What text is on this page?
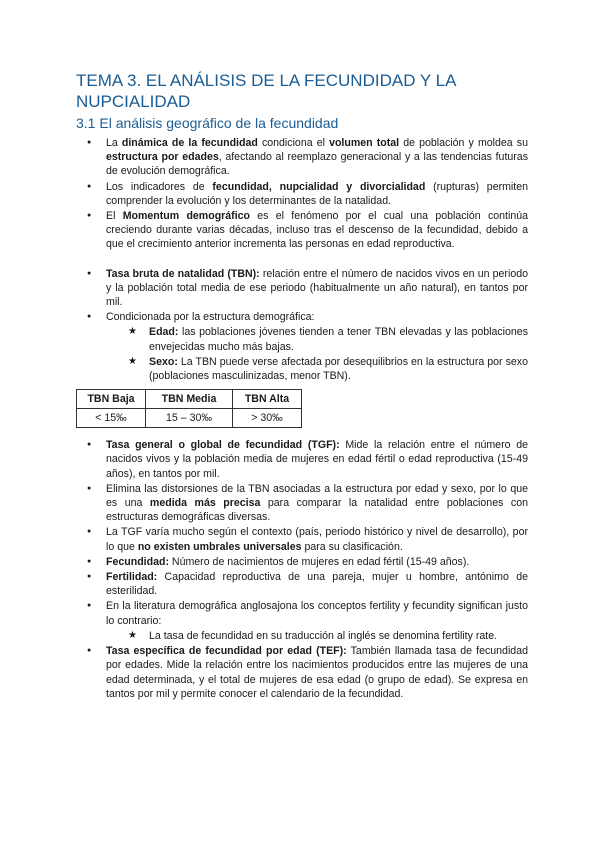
TEMA 3. EL ANÁLISIS DE LA FECUNDIDAD Y LA NUPCIALIDAD
3.1 El análisis geográfico de la fecundidad
● La dinámica de la fecundidad condiciona el volumen total de población y moldea su estructura por edades, afectando al reemplazo generacional y a las tendencias futuras de evolución demográfica.
● Los indicadores de fecundidad, nupcialidad y divorcialidad (rupturas) permiten comprender la evolución y los determinantes de la natalidad.
● El Momentum demográfico es el fenómeno por el cual una población continúa creciendo durante varias décadas, incluso tras el descenso de la fecundidad, debido a que el crecimiento anterior incrementa las personas en edad reproductiva.
● Tasa bruta de natalidad (TBN): relación entre el número de nacidos vivos en un periodo y la población total media de ese periodo (habitualmente un año natural), en tantos por mil.
● Condicionada por la estructura demográfica:
★ Edad: las poblaciones jóvenes tienden a tener TBN elevadas y las poblaciones envejecidas mucho más bajas.
★ Sexo: La TBN puede verse afectada por desequilibrios en la estructura por sexo (poblaciones masculinizadas, menor TBN).
TBN Baja	TBN Media	TBN Alta
< 15‰	15 – 30‰	> 30‰
● Tasa general o global de fecundidad (TGF): Mide la relación entre el número de nacidos vivos y la población media de mujeres en edad fértil o edad reproductiva (15-49 años), en tantos por mil.
● Elimina las distorsiones de la TBN asociadas a la estructura por edad y sexo, por lo que es una medida más precisa para comparar la natalidad entre poblaciones con estructuras demográficas diversas.
● La TGF varía mucho según el contexto (país, periodo histórico y nivel de desarrollo), por lo que no existen umbrales universales para su clasificación.
● Fecundidad: Número de nacimientos de mujeres en edad fértil (15-49 años).
● Fertilidad: Capacidad reproductiva de una pareja, mujer u hombre, antónimo de esterilidad.
● En la literatura demográfica anglosajona los conceptos fertility y fecundity significan justo lo contrario:
★ La tasa de fecundidad en su traducción al inglés se denomina fertility rate.
● Tasa específica de fecundidad por edad (TEF): También llamada tasa de fecundidad por edades. Mide la relación entre los nacimientos producidos entre las mujeres de una edad determinada, y el total de mujeres de esa edad (o grupo de edad). Se expresa en tantos por mil y permite conocer el calendario de la fecundidad.
